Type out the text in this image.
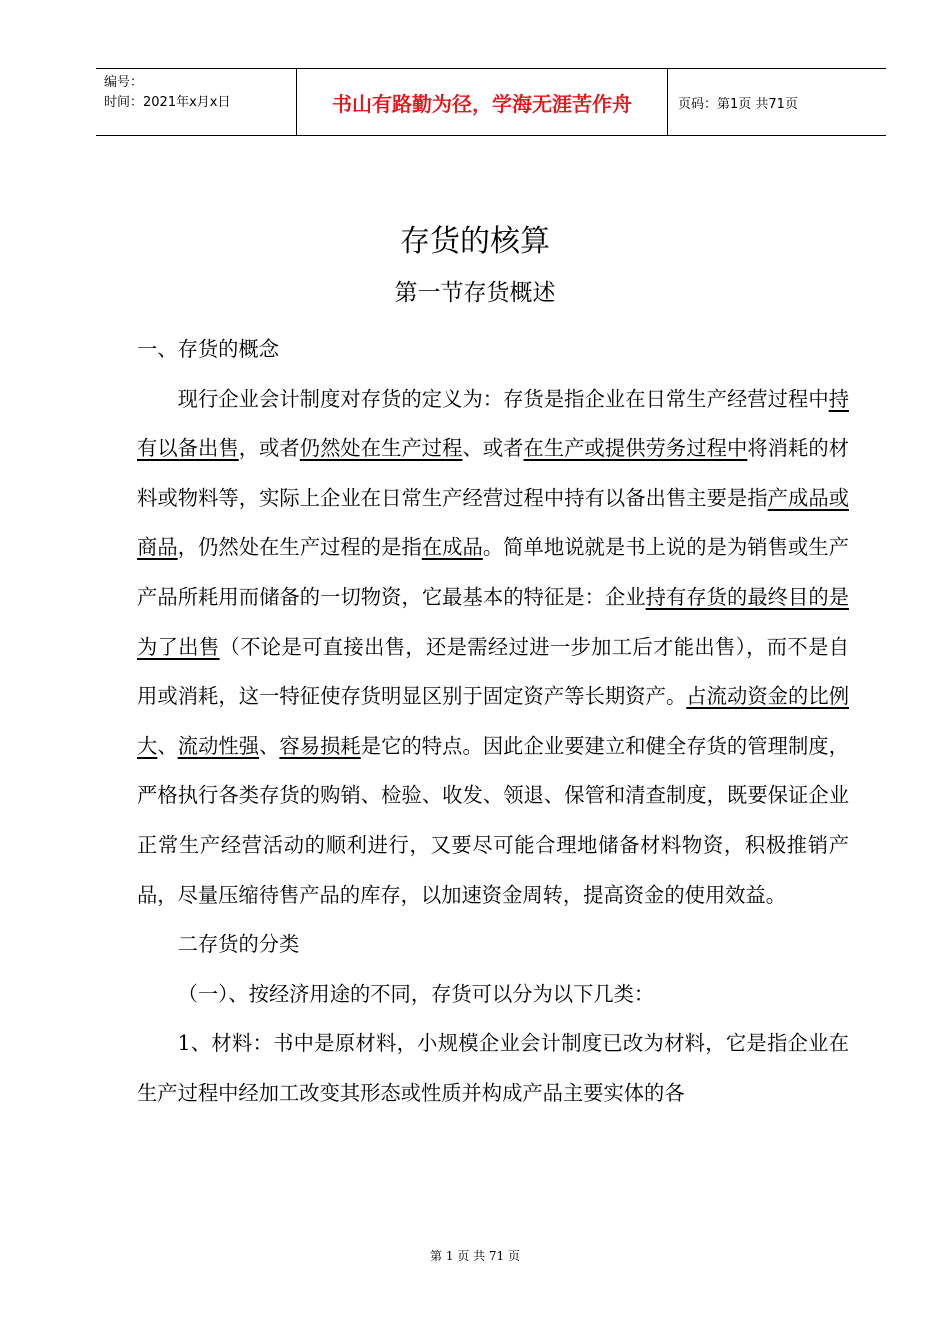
编号：
时间：2021年x月x日	书山有路勤为径，学海无涯苦作舟	页码：第1页 共71页
存货的核算
第一节存货概述

一、存货的概念

现行企业会计制度对存货的定义为：存货是指企业在日常生产经营过程中持有以备出售，或者仍然处在生产过程、或者在生产或提供劳务过程中将消耗的材料或物料等，实际上企业在日常生产经营过程中持有以备出售主要是指产成品或商品，仍然处在生产过程的是指在成品。简单地说就是书上说的是为销售或生产产品所耗用而储备的一切物资，它最基本的特征是：企业持有存货的最终目的是为了出售（不论是可直接出售，还是需经过进一步加工后才能出售），而不是自用或消耗，这一特征使存货明显区别于固定资产等长期资产。占流动资金的比例大、流动性强、容易损耗是它的特点。因此企业要建立和健全存货的管理制度，严格执行各类存货的购销、检验、收发、领退、保管和清查制度，既要保证企业正常生产经营活动的顺利进行，又要尽可能合理地储备材料物资，积极推销产品，尽量压缩待售产品的库存，以加速资金周转，提高资金的使用效益。

二存货的分类

（一）、按经济用途的不同，存货可以分为以下几类：

1、材料：书中是原材料，小规模企业会计制度已改为材料，它是指企业在生产过程中经加工改变其形态或性质并构成产品主要实体的各

第 1 页 共 71 页
